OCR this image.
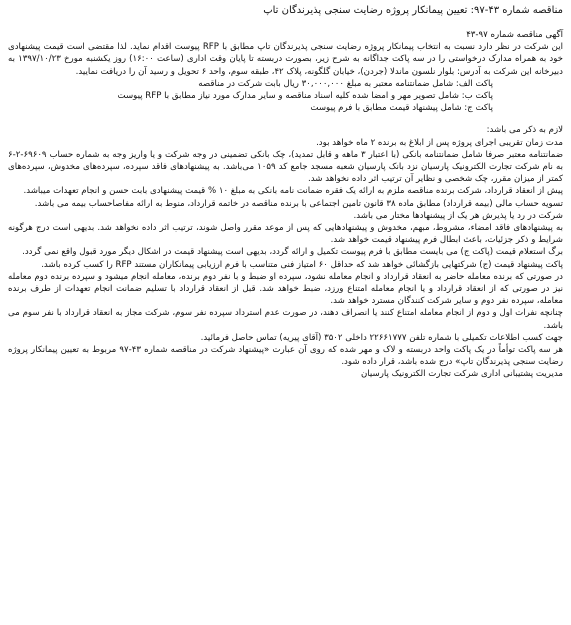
مناقصه شماره ۴۳-۹۷: تعیین پیمانکار پروژه رضایت سنجی پذیرندگان تاپ

آگهی مناقصه شماره ۹۷-۴۳

این شرکت در نظر دارد نسبت به انتخاب پیمانکار پروژه رضایت سنجی پذیرندگان تاپ مطابق با RFP پیوست اقدام نماید. لذا مقتضی است قیمت پیشنهادی خود به همراه مدارک درخواستی را در سه پاکت جداگانه به شرح زیر، بصورت دربسته تا پایان وقت اداری (ساعت ۱۶:۰۰) روز یکشنبه مورخ ۱۳۹۷/۱۰/۲۳ به دبیرخانه این شرکت به آدرس: بلوار نلسون ماندلا (جردن)، خیابان گلگونه، پلاک ۴۲، طبقه سوم، واحد ۶ تحویل و رسید آن را دریافت نمایید.

پاکت الف: شامل ضمانتنامه معتبر به مبلغ ۳۰,۰۰۰,۰۰۰ ریال بابت شرکت در مناقصه

پاکت ب: شامل تصویر مهر و امضا شده کلیه اسناد مناقصه و سایر مدارک مورد نیاز مطابق با RFP پیوست

پاکت ج: شامل پیشنهاد قیمت مطابق با فرم پیوست

لازم به ذکر می باشد:

مدت زمان تقریبی اجرای پروژه پس از ابلاغ به برنده ۲ ماه خواهد بود.

ضمانتنامه معتبر صرفا شامل ضمانتنامه بانکی (با اعتبار ۳ ماهه و قابل تمدید)، چک بانکی تضمینی در وجه شرکت و یا واریز وجه به شماره حساب ۶۹۶۰۹-۲-۶ به نام شرکت تجارت الکترونیک پارسیان نزد بانک پارسیان شعبه مسجد جامع کد ۱۰۵۹ می‌باشد. به پیشنهادهای فاقد سپرده، سپرده‌های مخدوش، سپرده‌های کمتر از میزان مقرر، چک شخصی و نظایر آن ترتیب اثر داده نخواهد شد.

پیش از انعقاد قرارداد، شرکت برنده مناقصه ملزم به ارائه یک فقره ضمانت نامه بانکی به مبلغ ۱۰ % قیمت پیشنهادی بابت حسن و انجام تعهدات میباشد.

تسویه حساب مالی (بیمه قرارداد) مطابق ماده ۳۸ قانون تامین اجتماعی با برنده مناقصه در خاتمه قرارداد، منوط به ارائه مفاصاحساب بیمه می باشد.

شرکت در رد یا پذیرش هر یک از پیشنهادها مختار می باشد.

به پیشنهادهای فاقد امضاء، مشروط، مبهم، مخدوش و پیشنهادهایی که پس از موعد مقرر واصل شوند، ترتیب اثر داده نخواهد شد. بدیهی است درج هرگونه شرایط و ذکر جزئیات، باعث ابطال فرم پیشنهاد قیمت خواهد شد.

برگ استعلام قیمت (پاکت ج) می بایست مطابق با فرم پیوست تکمیل و ارائه گردد، بدیهی است پیشنهاد قیمت در اشکال دیگر مورد قبول واقع نمی گردد.

پاکت پیشنهاد قیمت (ج) شرکتهایی بازگشائی خواهد شد که حداقل ۶۰ امتیاز فنی متناسب با فرم ارزیابی پیمانکاران مستند RFP را کسب کرده باشد.

در صورتی که برنده معامله حاضر به انعقاد قرارداد و انجام معامله نشود، سپرده او ضبط و با نفر دوم برنده، معامله انجام میشود و سپرده برنده دوم معامله نیز در صورتی که از انعقاد قرارداد و یا انجام معامله امتناع ورزد، ضبط خواهد شد. قبل از انعقاد قرارداد با تسلیم ضمانت انجام تعهدات از طرف برنده معامله، سپرده نفر دوم و سایر شرکت کنندگان مسترد خواهد شد.

چنانچه نفرات اول و دوم از انجام معامله امتناع کنند یا انصراف دهند، در صورت عدم استرداد سپرده نفر سوم، شرکت مجاز به انعقاد قرارداد با نفر سوم می باشد.

جهت کسب اطلاعات تکمیلی با شماره تلفن ۲۲۶۶۱۷۷۷ داخلی ۳۵۰۲ (آقای پیریه) تماس حاصل فرمائید.

هر سه پاکت توأماً در یک پاکت واحد دربسته و لاک و مهر شده که روی آن عبارت «پیشنهاد شرکت در مناقصه شماره ۴۳-۹۷ مربوط به تعیین پیمانکار پروژه رضایت سنجی پذیرندگان تاپ» درج شده باشد، قرار داده شود.

مدیریت پشتیبانی اداری شرکت تجارت الکترونیک پارسیان
